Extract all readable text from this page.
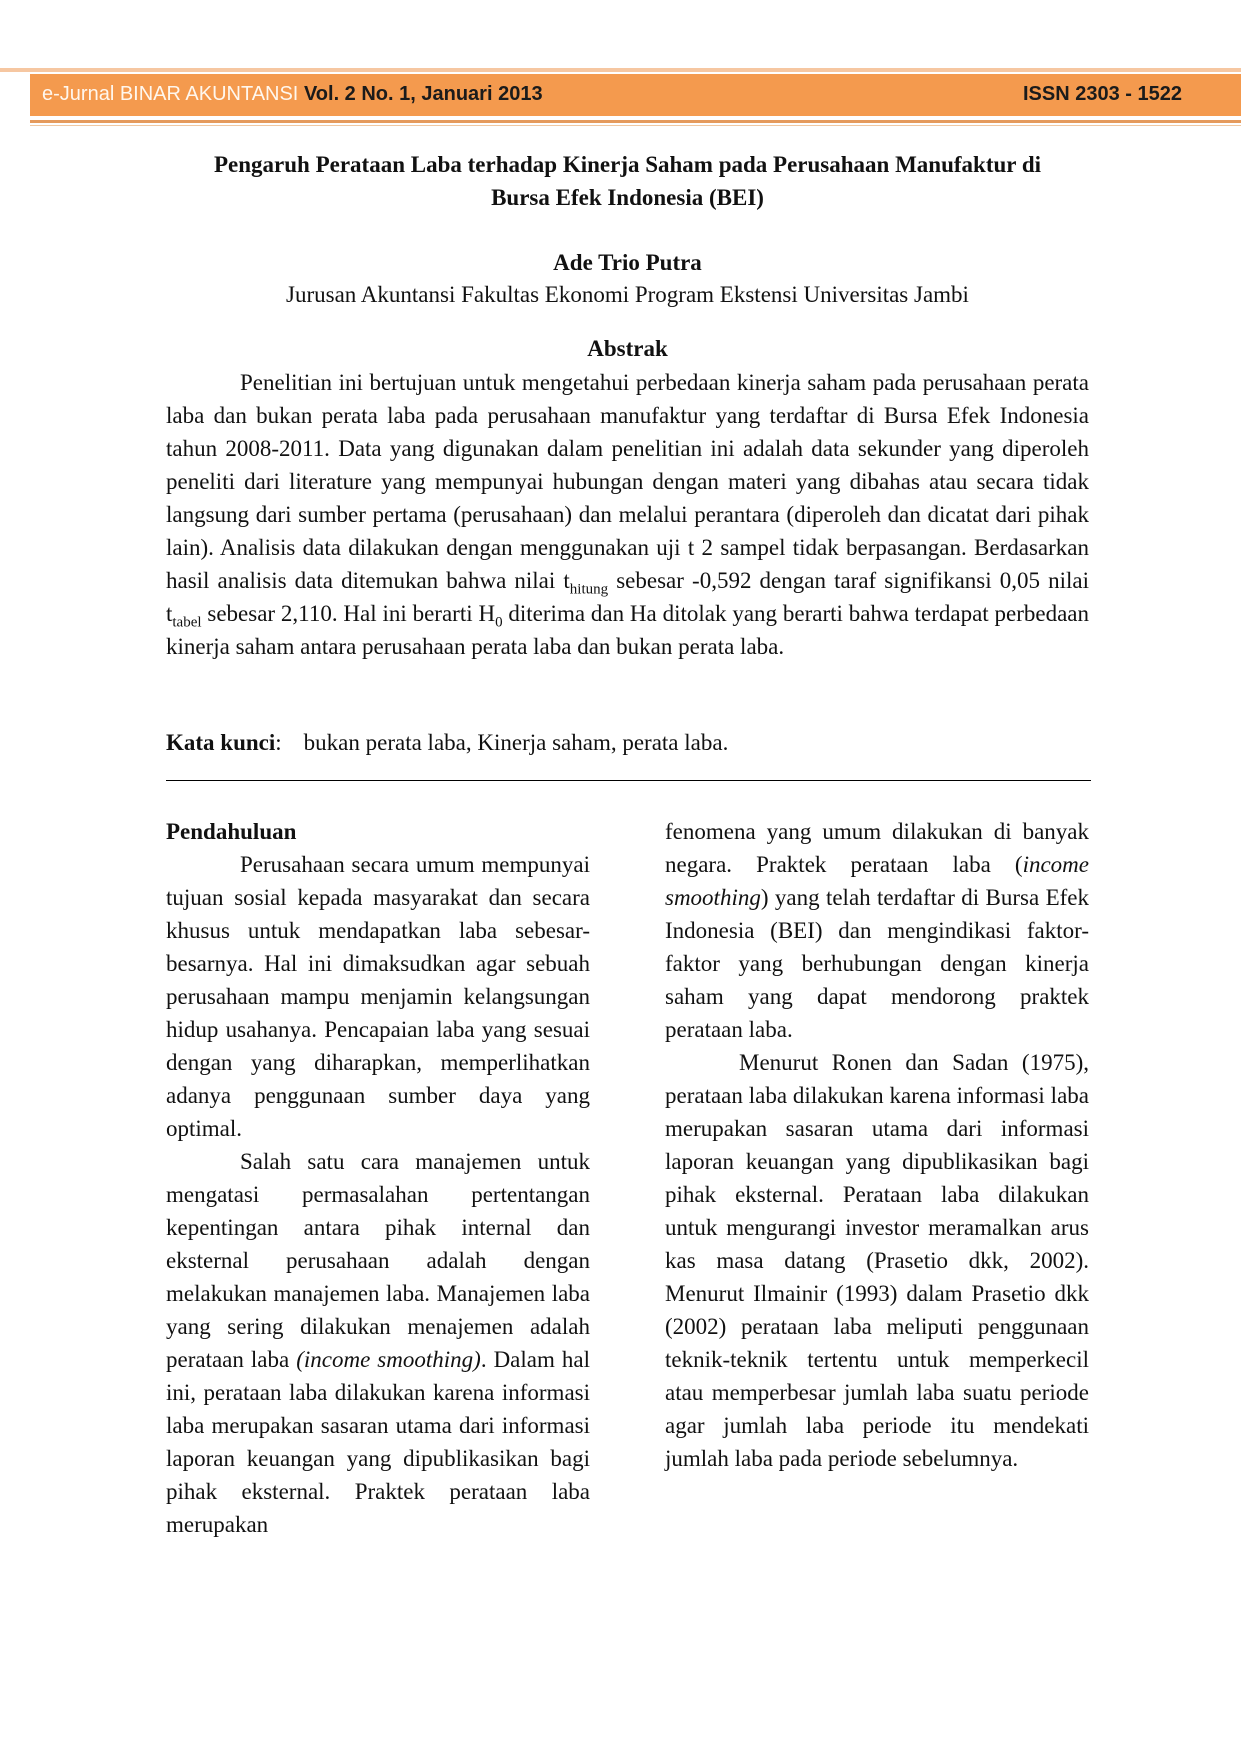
e-Jurnal BINAR AKUNTANSI Vol. 2 No. 1, Januari 2013	ISSN 2303 - 1522
Pengaruh Perataan Laba terhadap Kinerja Saham pada Perusahaan Manufaktur di
Bursa Efek Indonesia (BEI)
Ade Trio Putra
Jurusan Akuntansi Fakultas Ekonomi Program Ekstensi Universitas Jambi
Abstrak

Penelitian ini bertujuan untuk mengetahui perbedaan kinerja saham pada perusahaan perata laba dan bukan perata laba pada perusahaan manufaktur yang terdaftar di Bursa Efek Indonesia tahun 2008-2011. Data yang digunakan dalam penelitian ini adalah data sekunder yang diperoleh peneliti dari literature yang mempunyai hubungan dengan materi yang dibahas atau secara tidak langsung dari sumber pertama (perusahaan) dan melalui perantara (diperoleh dan dicatat dari pihak lain). Analisis data dilakukan dengan menggunakan uji t 2 sampel tidak berpasangan. Berdasarkan hasil analisis data ditemukan bahwa nilai $t_{hitung}$ sebesar -0,592 dengan taraf signifikansi 0,05 nilai $t_{tabel}$ sebesar 2,110. Hal ini berarti $H_0$ diterima dan Ha ditolak yang berarti bahwa terdapat perbedaan kinerja saham antara perusahaan perata laba dan bukan perata laba.

Kata kunci: bukan perata laba, Kinerja saham, perata laba.
Pendahuluan

Perusahaan secara umum mempunyai tujuan sosial kepada masyarakat dan secara khusus untuk mendapatkan laba sebesar-besarnya. Hal ini dimaksudkan agar sebuah perusahaan mampu menjamin kelangsungan hidup usahanya. Pencapaian laba yang sesuai dengan yang diharapkan, memperlihatkan adanya penggunaan sumber daya yang optimal.

Salah satu cara manajemen untuk mengatasi permasalahan pertentangan kepentingan antara pihak internal dan eksternal perusahaan adalah dengan melakukan manajemen laba. Manajemen laba yang sering dilakukan menajemen adalah perataan laba (income smoothing). Dalam hal ini, perataan laba dilakukan karena informasi laba merupakan sasaran utama dari informasi laporan keuangan yang dipublikasikan bagi pihak eksternal. Praktek perataan laba merupakan

fenomena yang umum dilakukan di banyak negara. Praktek perataan laba (income smoothing) yang telah terdaftar di Bursa Efek Indonesia (BEI) dan mengindikasi faktor-faktor yang berhubungan dengan kinerja saham yang dapat mendorong praktek perataan laba.

Menurut Ronen dan Sadan (1975), perataan laba dilakukan karena informasi laba merupakan sasaran utama dari informasi laporan keuangan yang dipublikasikan bagi pihak eksternal. Perataan laba dilakukan untuk mengurangi investor meramalkan arus kas masa datang (Prasetio dkk, 2002). Menurut Ilmainir (1993) dalam Prasetio dkk (2002) perataan laba meliputi penggunaan teknik-teknik tertentu untuk memperkecil atau memperbesar jumlah laba suatu periode agar jumlah laba periode itu mendekati jumlah laba pada periode sebelumnya.
